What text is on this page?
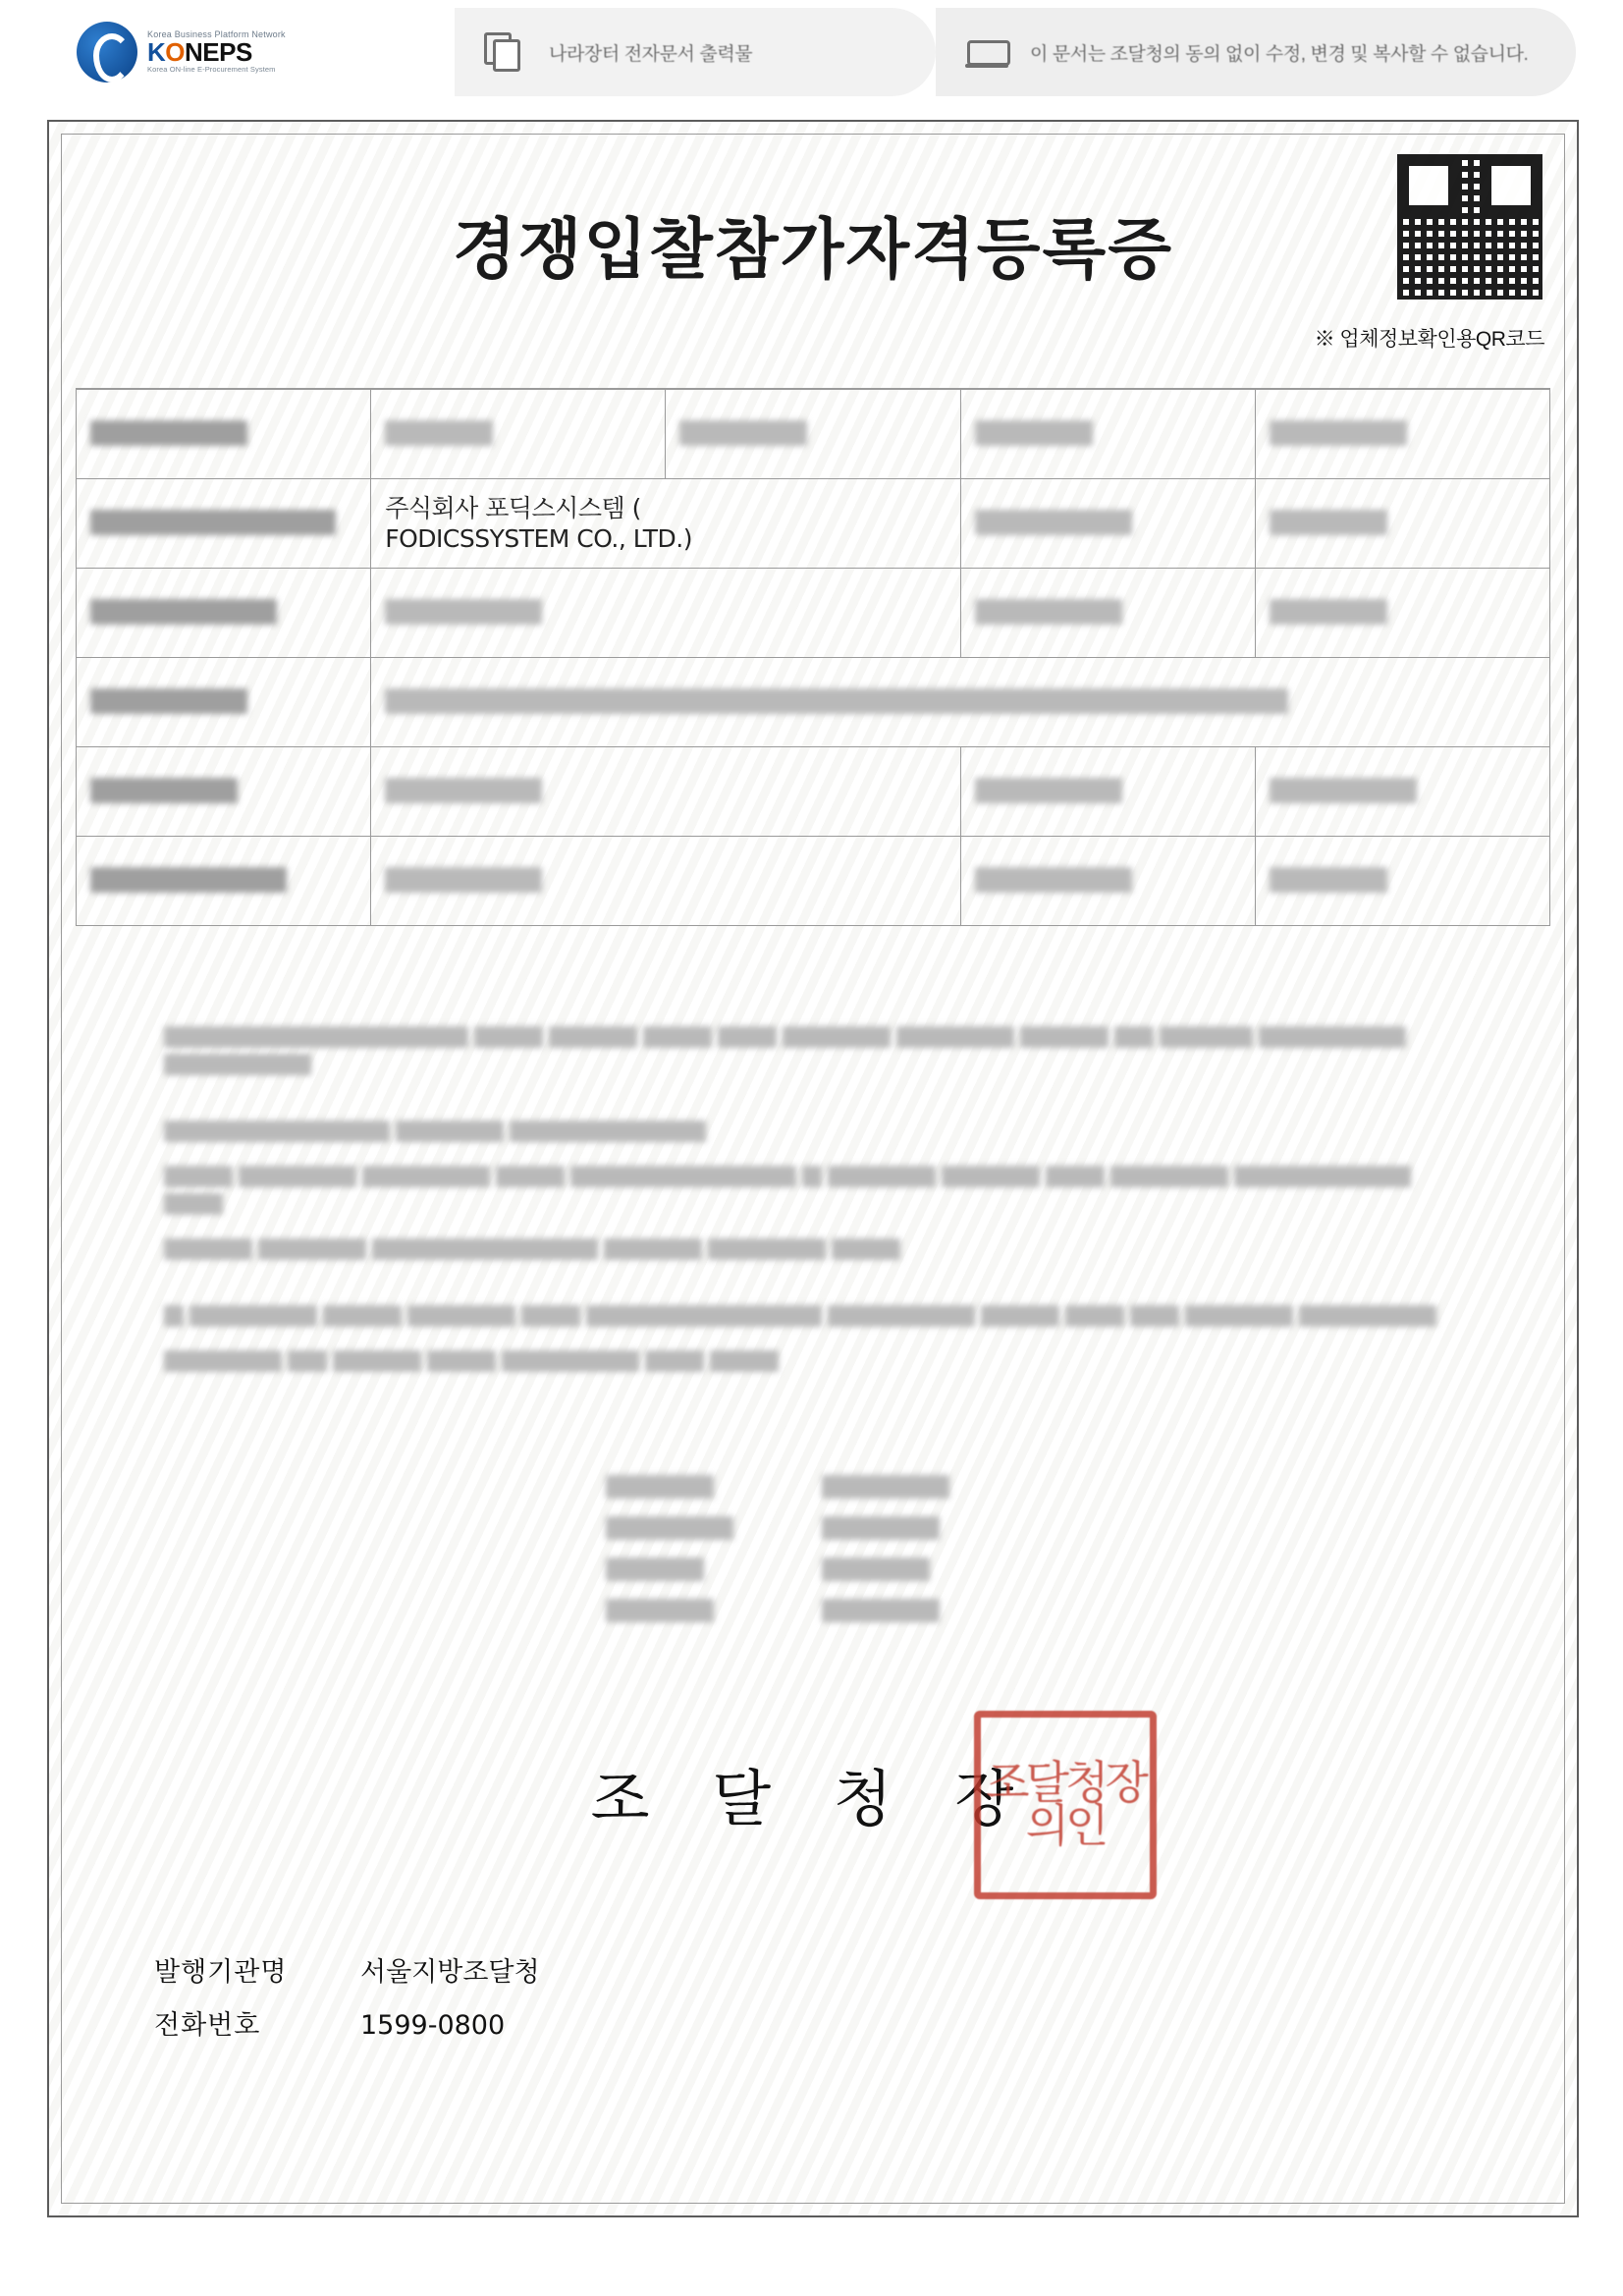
Korea Business Platform Network
KONEPS
Korea ON-line E-Procurement System
나라장터 전자문서 출력물	이 문서는 조달청의 동의 없이 수정, 변경 및 복사할 수 없습니다.
경쟁입찰참가자격등록증
※ 업체정보확인용QR코드

	주식회사 포딕스시스템 (
FODICSSYSTEM CO., LTD.)			

조 달 청 장
조달청장의인
발행기관명	서울지방조달청
전화번호	1599-0800
